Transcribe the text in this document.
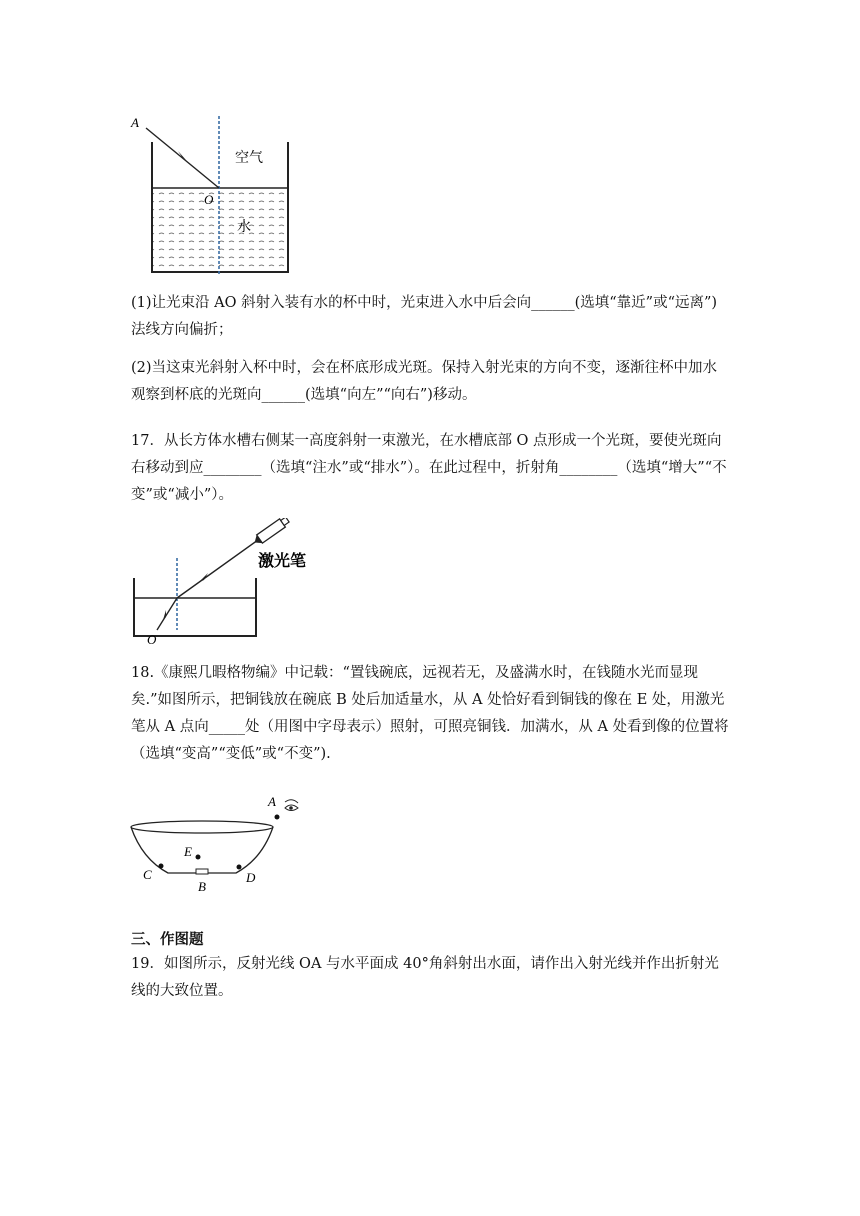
A
O
空气
水

(1)让光束沿 AO 斜射入装有水的杯中时，光束进入水中后会向______(选填“靠近”或“远离”)法线方向偏折；

(2)当这束光斜射入杯中时，会在杯底形成光斑。保持入射光束的方向不变，逐渐往杯中加水观察到杯底的光斑向______(选填“向左”“向右”)移动。

17．从长方体水槽右侧某一高度斜射一束激光，在水槽底部 O 点形成一个光斑，要使光斑向右移动到应________（选填“注水”或“排水”）。在此过程中，折射角________（选填“增大”“不变”或“减小”）。

激光笔
O

18.《康熙几暇格物编》中记载：“置钱碗底，远视若无，及盛满水时，在钱随水光而显现矣.”如图所示，把铜钱放在碗底 B 处后加适量水，从 A 处恰好看到铜钱的像在 E 处，用激光笔从 A 点向_____处（用图中字母表示）照射，可照亮铜钱．加满水，从 A 处看到像的位置将（选填“变高”“变低”或“不变”).

A
E
C	D
B

三、作图题

19．如图所示，反射光线 OA 与水平面成 40°角斜射出水面，请作出入射光线并作出折射光线的大致位置。
